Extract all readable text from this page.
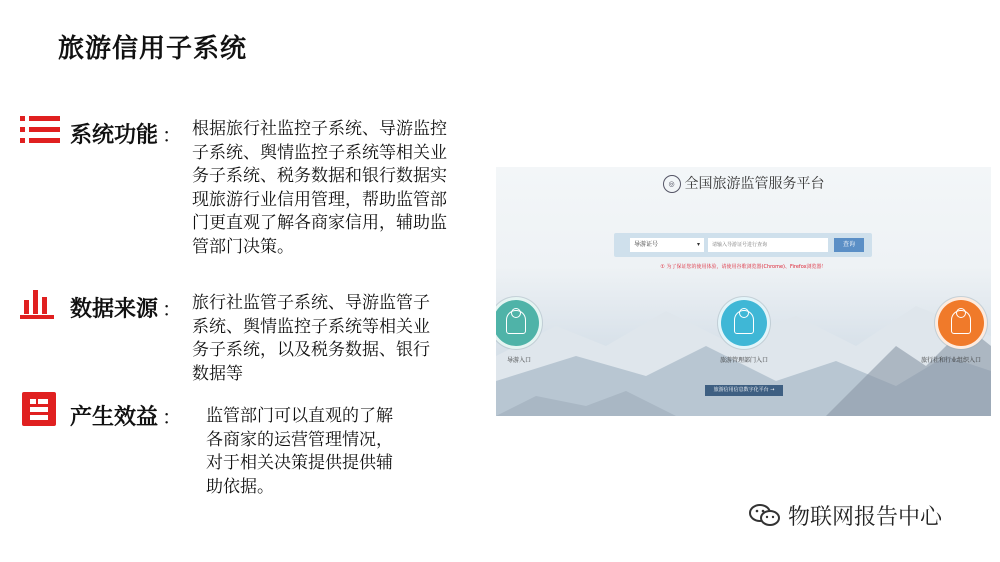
旅游信用子系统
系统功能 ： 根据旅行社监控子系统、导游监控
子系统、舆情监控子系统等相关业
务子系统、税务数据和银行数据实
现旅游行业信用管理，帮助监管部
门更直观了解各商家信用，辅助监
管部门决策。
数据来源 ： 旅行社监管子系统、导游监管子
系统、舆情监控子系统等相关业
务子系统，以及税务数据、银行
数据等
产生效益 ： 监管部门可以直观的了解
各商家的运营管理情况，
对于相关决策提供提供辅
助依据。
◎ 全国旅游监管服务平台
导游证号	▾
请输入导游证号进行查询	查询
① 为了保证您的使用体验，请使用谷歌浏览器(Chrome)、Firefox浏览器！
导游入口	旅游管理部门入口	旅行社和行业组织入口
旅游信用信息数字化平台 →
物联网报告中心
